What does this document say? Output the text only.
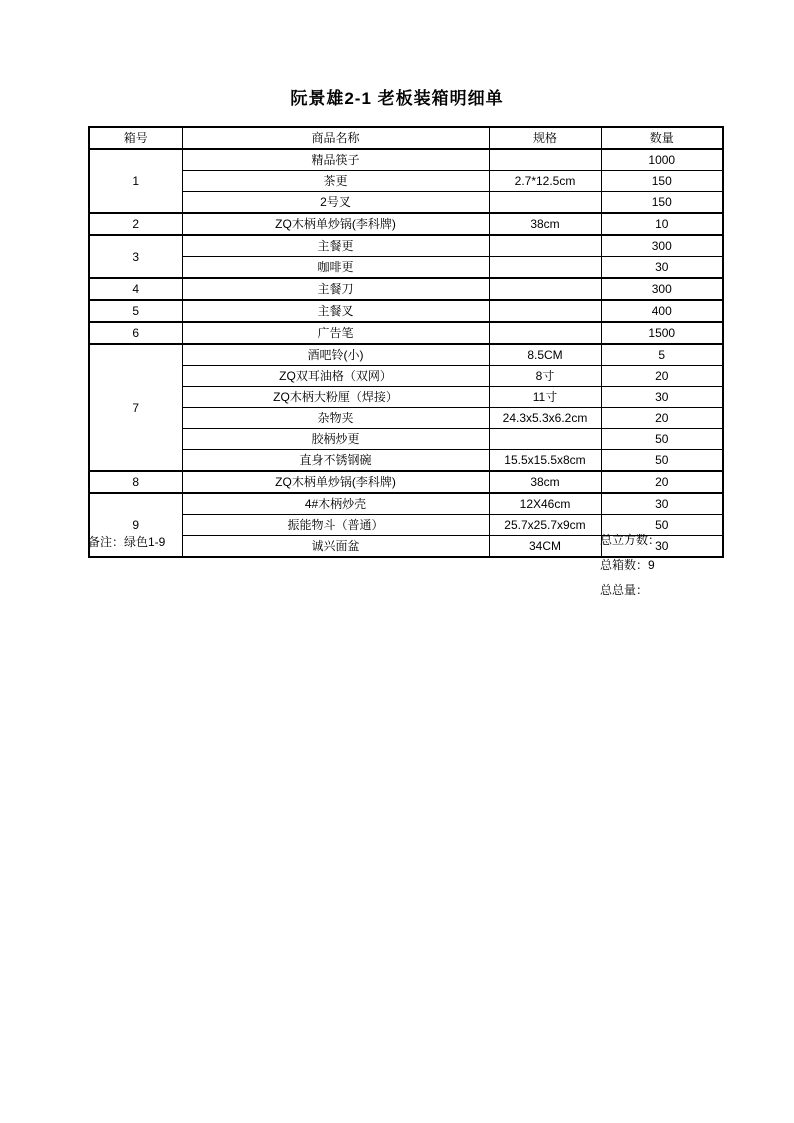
阮景雄2-1 老板装箱明细单
箱号	商品名称	规格	数量
1	精品筷子		1000
	茶更	2.7*12.5cm	150
	2号叉		150
2	ZQ木柄单炒锅(李科牌)	38cm	10
3	主餐更		300
	咖啡更		30
4	主餐刀		300
5	主餐叉		400
6	广告笔		1500
7	酒吧铃(小)	8.5CM	5
	ZQ双耳油格（双网）	8寸	20
	ZQ木柄大粉厘（焊接）	11寸	30
	杂物夹	24.3x5.3x6.2cm	20
	胶柄炒更		50
	直身不锈钢碗	15.5x15.5x8cm	50
8	ZQ木柄单炒锅(李科牌)	38cm	20
9	4#木柄炒壳	12X46cm	30
	振能物斗（普通）	25.7x25.7x9cm	50
	诚兴面盆	34CM	30
备注：绿色1-9	总立方数：
总箱数：9
总总量：
